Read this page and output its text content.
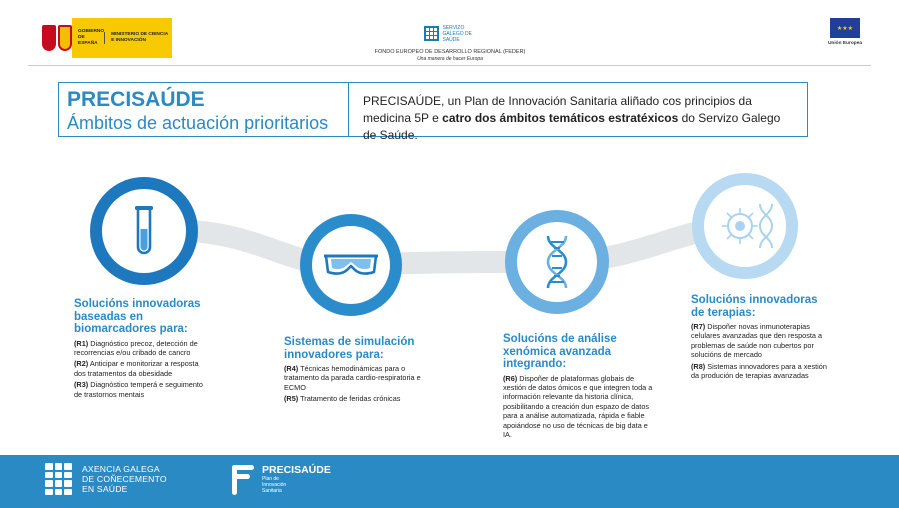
GOBIERNO DE ESPAÑA
MINISTERIO DE CIENCIA E INNOVACIÓN
SERVIZO GALEGO DE SAÚDE
FONDO EUROPEO DE DESARROLLO REGIONAL (FEDER)
Una manera de hacer Europa
★★★
Unión Europea
PRECISAÚDE
Ámbitos de actuación prioritarios
PRECISAÚDE, un Plan de Innovación Sanitaria aliñado cos principios da medicina 5P e catro dos ámbitos temáticos estratéxicos do Servizo Galego de Saúde.
Solucións innovadoras baseadas en biomarcadores para:
(R1) Diagnóstico precoz, detección de recorrencias e/ou cribado de cancro
(R2) Anticipar e monitorizar a resposta dos tratamentos da obesidade
(R3) Diagnóstico temperá e seguimento de trastornos mentais
Sistemas de simulación innovadores para:
(R4) Técnicas hemodinámicas para o tratamento da parada cardio-respiratoria e ECMO
(R5) Tratamento de feridas crónicas
Solucións de análise xenómica avanzada integrando:
(R6) Dispoñer de plataformas globais de xestión de datos ómicos e que integren toda a información relevante da historia clínica, posibilitando a creación dun espazo de datos para a análise automatizada, rápida e fiable apoiándose no uso de técnicas de big data e IA.
Solucións innovadoras de terapias:
(R7) Dispoñer novas inmunoterapias celulares avanzadas que den resposta a problemas de saúde non cubertos por solucións de mercado
(R8) Sistemas innovadores para a xestión da produción de terapias avanzadas
AXENCIA GALEGA
DE COÑECEMENTO
EN SAÚDE
PRECISAÚDE
Plan de
Innovación
Sanitaria
